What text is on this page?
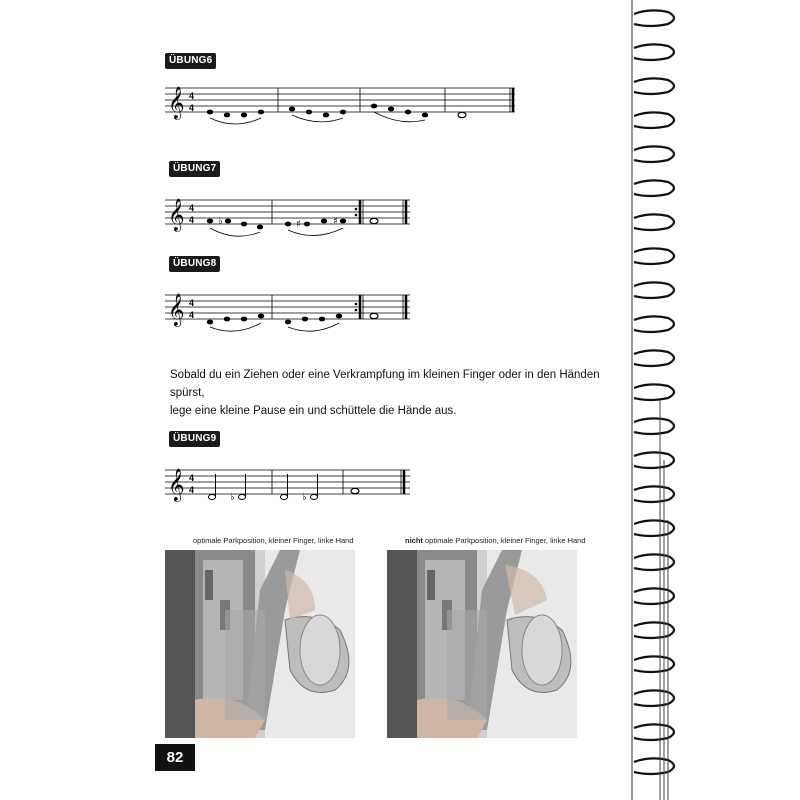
ÜBUNG6
𝄞 4
4
ÜBUNG7
𝄞 4
4 ♭	♯	♯
ÜBUNG8
𝄞 4
4
Sobald du ein Ziehen oder eine Verkrampfung im kleinen Finger oder in den Händen spürst,
lege eine kleine Pause ein und schüttele die Hände aus.
ÜBUNG9
𝄞 4
4
♭	♭
optimale Parkposition, kleiner Finger, linke Hand	nicht optimale Parkposition, kleiner Finger, linke Hand
82
